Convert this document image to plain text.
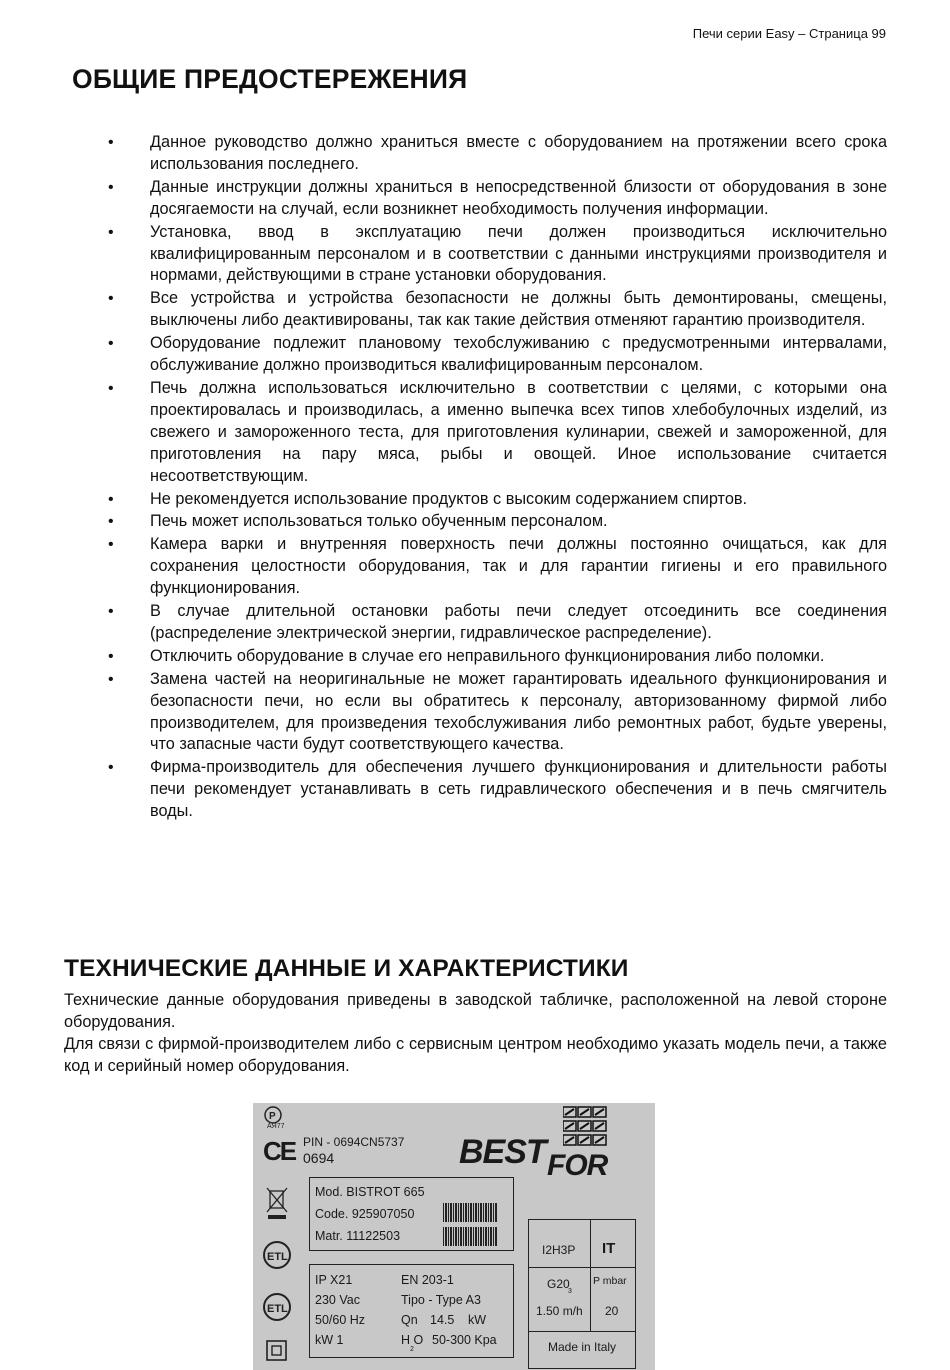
Печи серии Easy – Страница 99
ОБЩИЕ ПРЕДОСТЕРЕЖЕНИЯ
• Данное руководство должно храниться вместе с оборудованием на протяжении всего срока использования последнего.
• Данные инструкции должны храниться в непосредственной близости от оборудования в зоне досягаемости на случай, если возникнет необходимость получения информации.
• Установка, ввод в эксплуатацию печи должен производиться исключительно квалифицированным персоналом и в соответствии с данными инструкциями производителя и нормами, действующими в стране установки оборудования.
• Все устройства и устройства безопасности не должны быть демонтированы, смещены, выключены либо деактивированы, так как такие действия отменяют гарантию производителя.
• Оборудование подлежит плановому техобслуживанию с предусмотренными интервалами, обслуживание должно производиться квалифицированным персоналом.
• Печь должна использоваться исключительно в соответствии с целями, с которыми она проектировалась и производилась, а именно выпечка всех типов хлебобулочных изделий, из свежего и замороженного теста, для приготовления кулинарии, свежей и замороженной, для приготовления на пару мяса, рыбы и овощей. Иное использование считается несоответствующим.
• Не рекомендуется использование продуктов с высоким содержанием спиртов.
• Печь может использоваться только обученным персоналом.
• Камера варки и внутренняя поверхность печи должны постоянно очищаться, как для сохранения целостности оборудования, так и для гарантии гигиены и его правильного функционирования.
• В случае длительной остановки работы печи следует отсоединить все соединения (распределение электрической энергии, гидравлическое распределение).
• Отключить оборудование в случае его неправильного функционирования либо поломки.
• Замена частей на неоригинальные не может гарантировать идеального функционирования и безопасности печи, но если вы обратитесь к персоналу, авторизованному фирмой либо производителем, для произведения техобслуживания либо ремонтных работ, будьте уверены, что запасные части будут соответствующего качества.
• Фирма-производитель для обеспечения лучшего функционирования и длительности работы печи рекомендует устанавливать в сеть гидравлического обеспечения и в печь смягчитель воды.
ТЕХНИЧЕСКИЕ ДАННЫЕ И ХАРАКТЕРИСТИКИ

Технические данные оборудования приведены в заводской табличке, расположенной на левой стороне оборудования.

Для связи с фирмой-производителем либо с сервисным центром необходимо указать модель печи, а также код и серийный номер оборудования.

P
АЯ77
CE PIN - 0694CN5737
0694	BEST FOR
ETL
ETL
Mod. BISTROT 665
Code. 925907050
Matr. 11122503
IP X21
230 Vac
50/60 Hz
kW 1
EN 203-1
Tipo - Type A3
Qn 14.5 kW
H O
2
50-300 Kpa
I2H3P IT
G20 P mbar
3
1.50 m/h 20
Made in Italy
